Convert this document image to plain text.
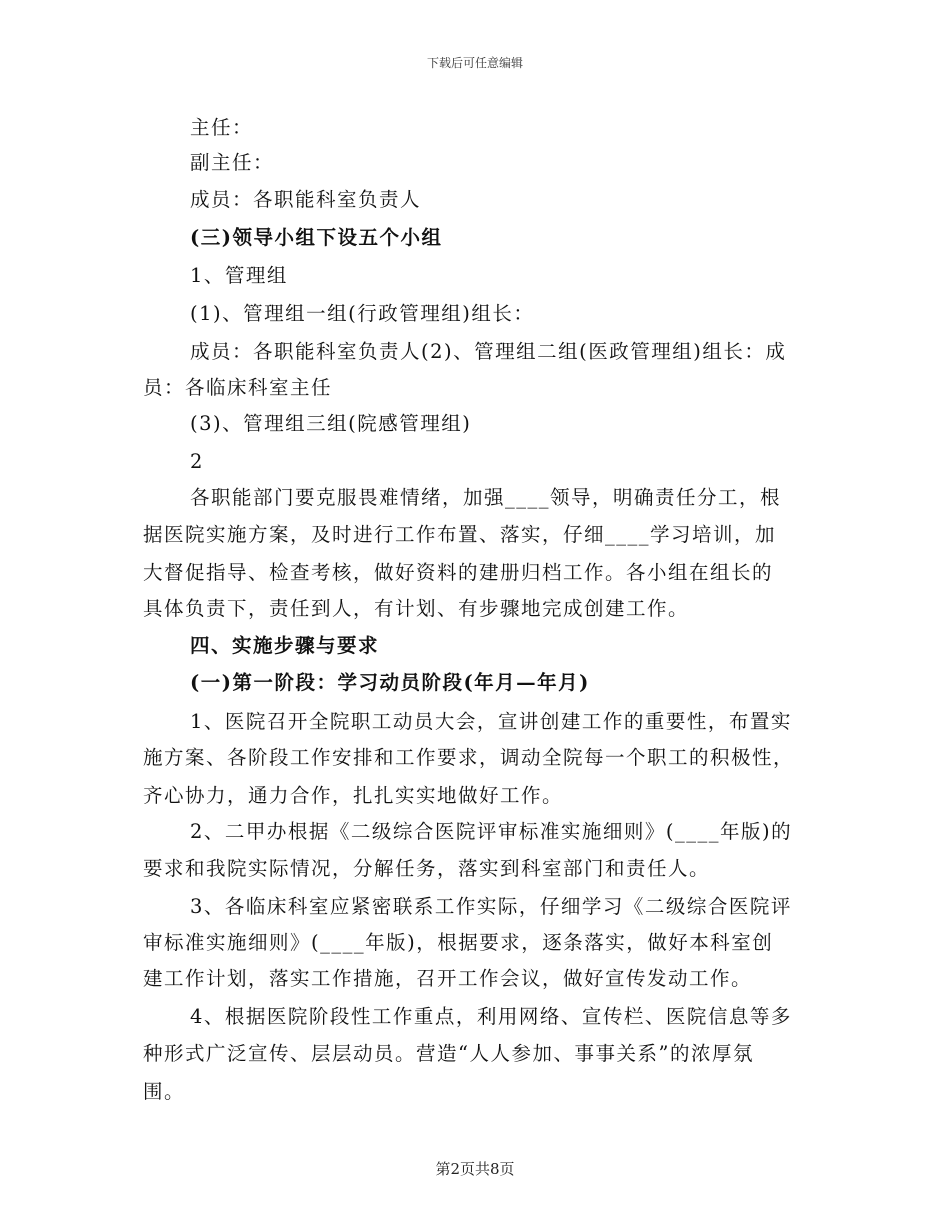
下载后可任意编辑
主任：
副主任：
成员：各职能科室负责人
(三)领导小组下设五个小组
1、管理组
(1)、管理组一组(行政管理组)组长：
成员：各职能科室负责人(2)、管理组二组(医政管理组)组长：成
员：各临床科室主任
(3)、管理组三组(院感管理组)
2
各职能部门要克服畏难情绪，加强____领导，明确责任分工，根
据医院实施方案，及时进行工作布置、落实，仔细____学习培训，加
大督促指导、检查考核，做好资料的建册归档工作。各小组在组长的
具体负责下，责任到人，有计划、有步骤地完成创建工作。
四、实施步骤与要求
(一)第一阶段：学习动员阶段(年月—年月)
1、医院召开全院职工动员大会，宣讲创建工作的重要性，布置实
施方案、各阶段工作安排和工作要求，调动全院每一个职工的积极性，
齐心协力，通力合作，扎扎实实地做好工作。
2、二甲办根据《二级综合医院评审标准实施细则》(____年版)的
要求和我院实际情况，分解任务，落实到科室部门和责任人。
3、各临床科室应紧密联系工作实际，仔细学习《二级综合医院评
审标准实施细则》(____年版)，根据要求，逐条落实，做好本科室创
建工作计划，落实工作措施，召开工作会议，做好宣传发动工作。
4、根据医院阶段性工作重点，利用网络、宣传栏、医院信息等多
种形式广泛宣传、层层动员。营造“人人参加、事事关系”的浓厚氛
围。
第2页共8页
